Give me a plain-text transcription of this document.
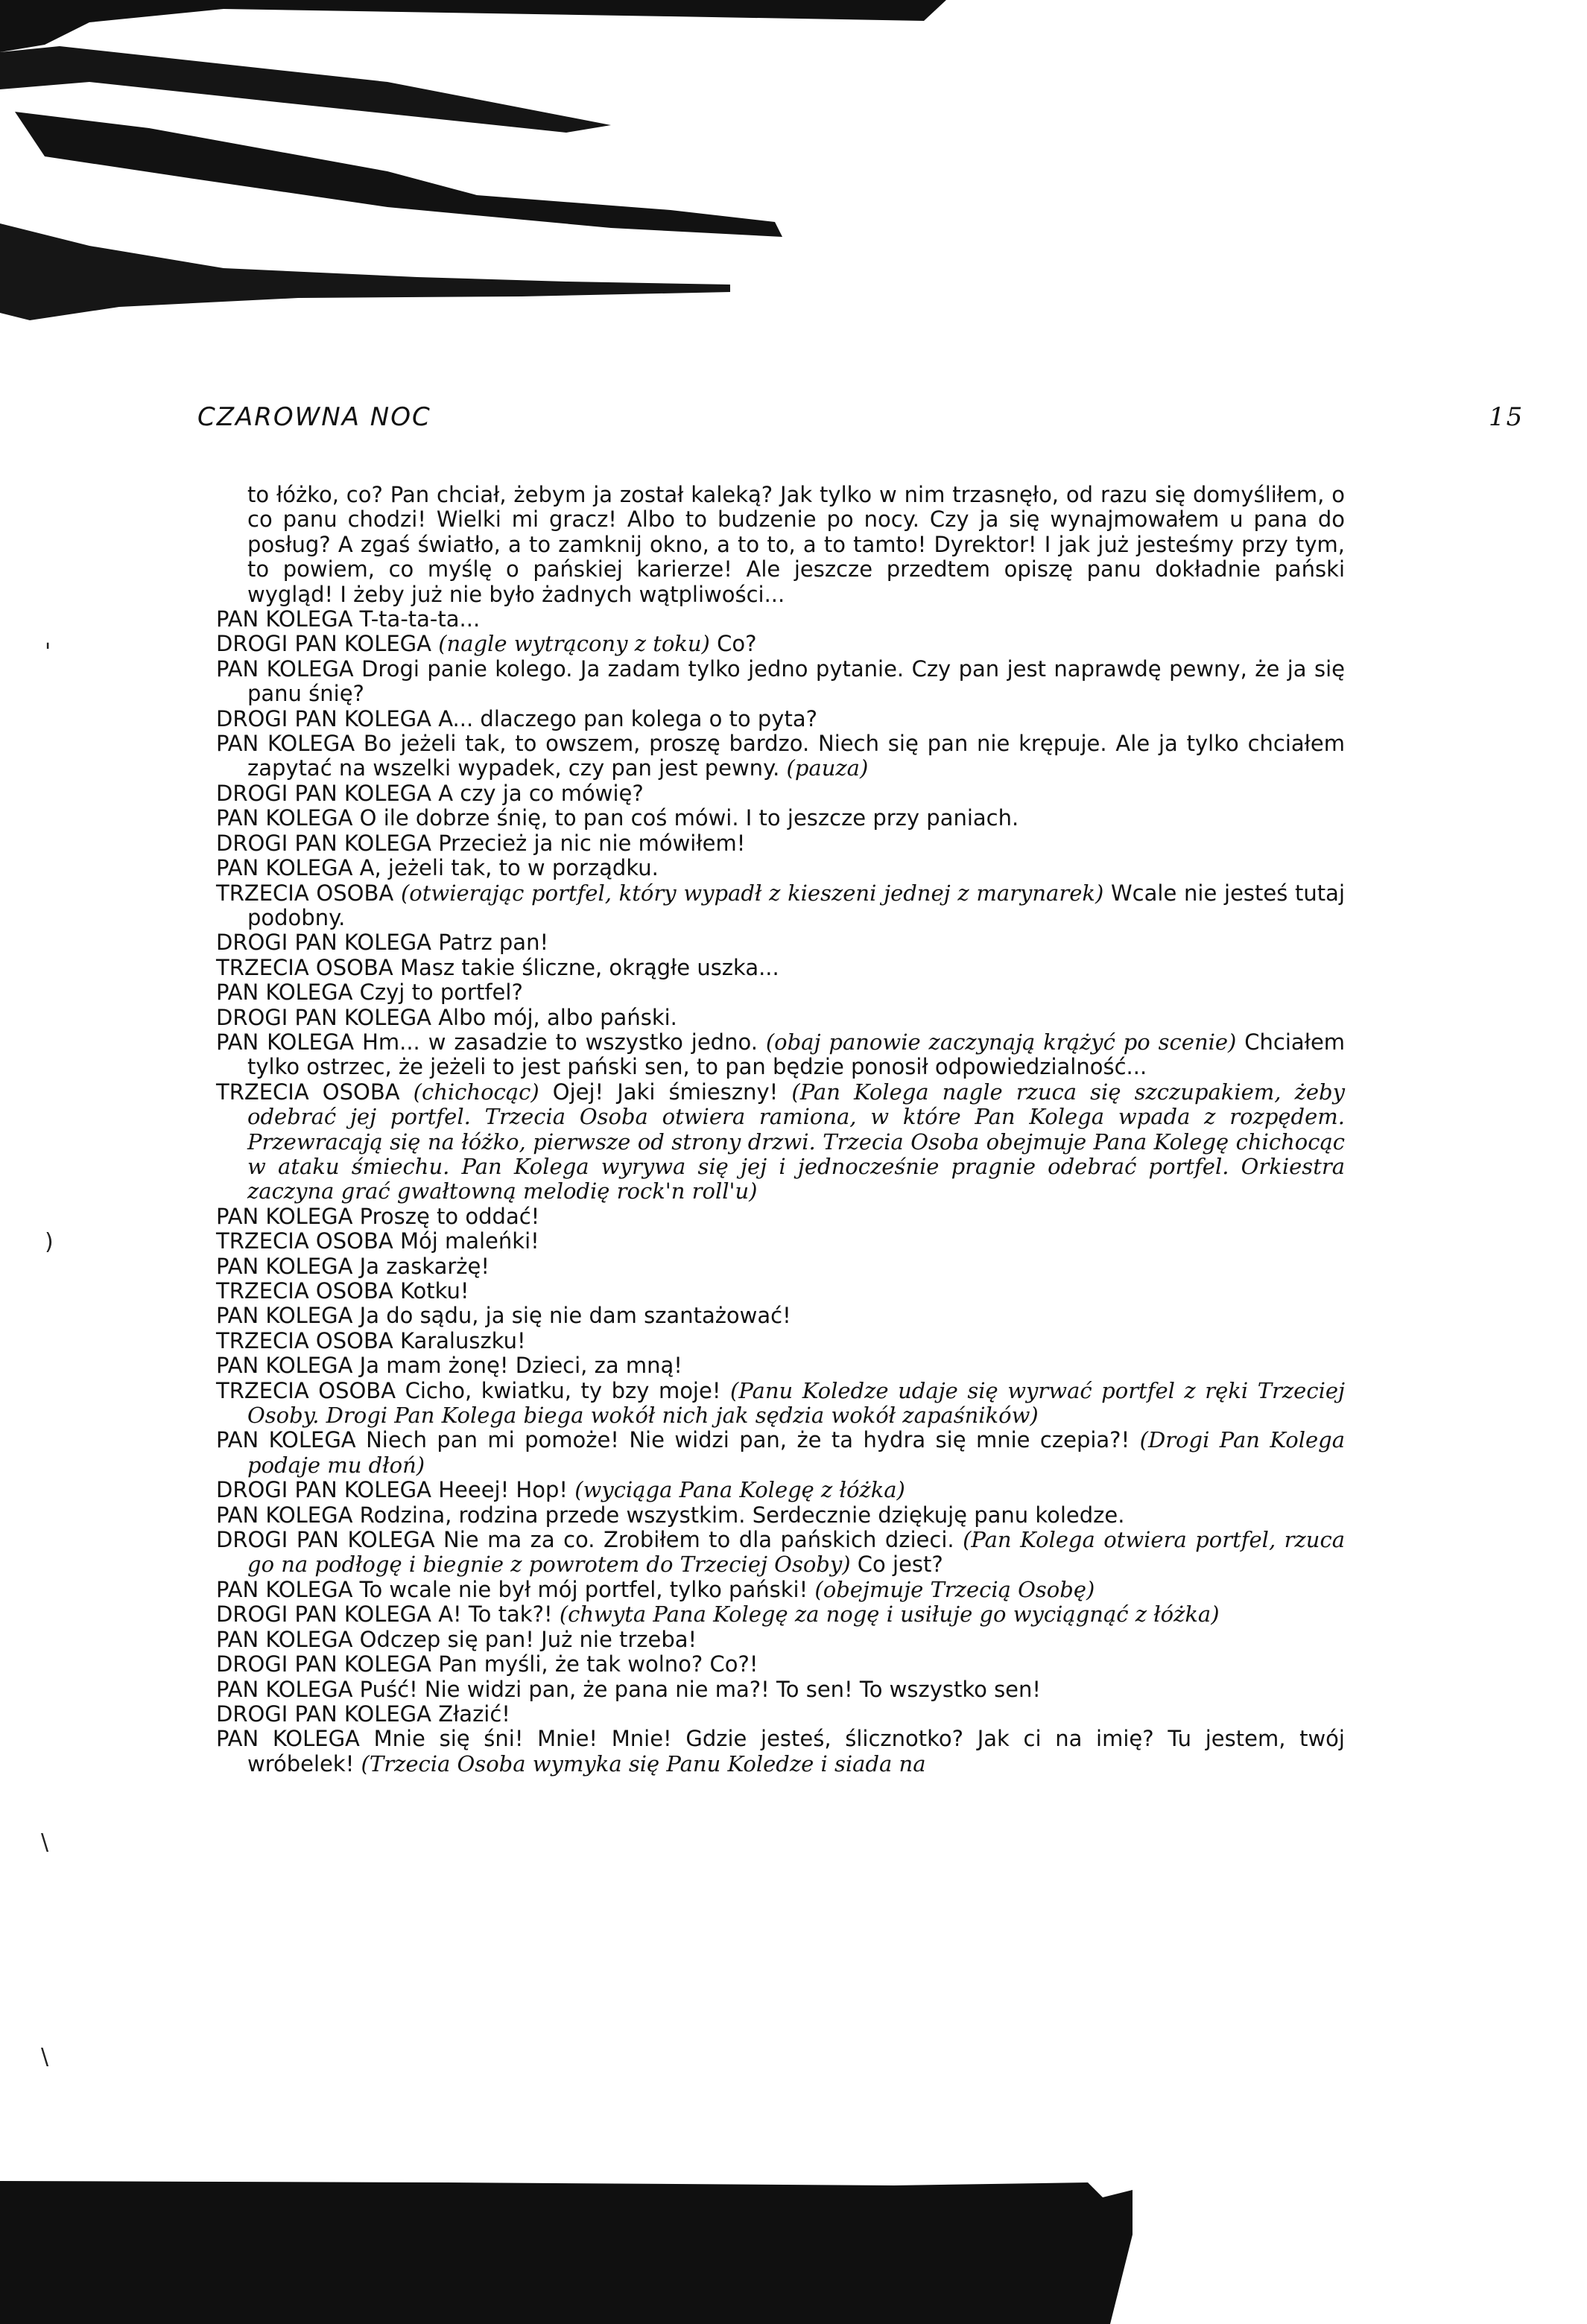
CZAROWNA NOC	15
'
)
\
\

to łóżko, co? Pan chciał, żebym ja został kaleką? Jak tylko w nim trzasnęło, od razu się domyśliłem, o co panu chodzi! Wielki mi gracz! Albo to budzenie po nocy. Czy ja się wynajmowałem u pana do posług? A zgaś światło, a to zamknij okno, a to to, a to tamto! Dyrektor! I jak już jesteśmy przy tym, to powiem, co myślę o pańskiej karierze! Ale jeszcze przedtem opiszę panu dokładnie pański wygląd! I żeby już nie było żadnych wątpliwości...

PAN KOLEGA T-ta-ta-ta...

DROGI PAN KOLEGA (nagle wytrącony z toku) Co?

PAN KOLEGA Drogi panie kolego. Ja zadam tylko jedno pytanie. Czy pan jest naprawdę pewny, że ja się panu śnię?

DROGI PAN KOLEGA A... dlaczego pan kolega o to pyta?

PAN KOLEGA Bo jeżeli tak, to owszem, proszę bardzo. Niech się pan nie krępuje. Ale ja tylko chciałem zapytać na wszelki wypadek, czy pan jest pewny. (pauza)

DROGI PAN KOLEGA A czy ja co mówię?

PAN KOLEGA O ile dobrze śnię, to pan coś mówi. I to jeszcze przy paniach.

DROGI PAN KOLEGA Przecież ja nic nie mówiłem!

PAN KOLEGA A, jeżeli tak, to w porządku.

TRZECIA OSOBA (otwierając portfel, który wypadł z kieszeni jednej z marynarek) Wcale nie jesteś tutaj podobny.

DROGI PAN KOLEGA Patrz pan!

TRZECIA OSOBA Masz takie śliczne, okrągłe uszka...

PAN KOLEGA Czyj to portfel?

DROGI PAN KOLEGA Albo mój, albo pański.

PAN KOLEGA Hm... w zasadzie to wszystko jedno. (obaj panowie zaczynają krążyć po scenie) Chciałem tylko ostrzec, że jeżeli to jest pański sen, to pan będzie ponosił odpowiedzialność...

TRZECIA OSOBA (chichocąc) Ojej! Jaki śmieszny! (Pan Kolega nagle rzuca się szczupakiem, żeby odebrać jej portfel. Trzecia Osoba otwiera ramiona, w które Pan Kolega wpada z rozpędem. Przewracają się na łóżko, pierwsze od strony drzwi. Trzecia Osoba obejmuje Pana Kolegę chichocąc w ataku śmiechu. Pan Kolega wyrywa się jej i jednocześnie pragnie odebrać portfel. Orkiestra zaczyna grać gwałtowną melodię rock'n roll'u)

PAN KOLEGA Proszę to oddać!

TRZECIA OSOBA Mój maleńki!

PAN KOLEGA Ja zaskarżę!

TRZECIA OSOBA Kotku!

PAN KOLEGA Ja do sądu, ja się nie dam szantażować!

TRZECIA OSOBA Karaluszku!

PAN KOLEGA Ja mam żonę! Dzieci, za mną!

TRZECIA OSOBA Cicho, kwiatku, ty bzy moje! (Panu Koledze udaje się wyrwać portfel z ręki Trzeciej Osoby. Drogi Pan Kolega biega wokół nich jak sędzia wokół zapaśników)

PAN KOLEGA Niech pan mi pomoże! Nie widzi pan, że ta hydra się mnie czepia?! (Drogi Pan Kolega podaje mu dłoń)

DROGI PAN KOLEGA Heeej! Hop! (wyciąga Pana Kolegę z łóżka)

PAN KOLEGA Rodzina, rodzina przede wszystkim. Serdecznie dziękuję panu koledze.

DROGI PAN KOLEGA Nie ma za co. Zrobiłem to dla pańskich dzieci. (Pan Kolega otwiera portfel, rzuca go na podłogę i biegnie z powrotem do Trzeciej Osoby) Co jest?

PAN KOLEGA To wcale nie był mój portfel, tylko pański! (obejmuje Trzecią Osobę)

DROGI PAN KOLEGA A! To tak?! (chwyta Pana Kolegę za nogę i usiłuje go wyciągnąć z łóżka)

PAN KOLEGA Odczep się pan! Już nie trzeba!

DROGI PAN KOLEGA Pan myśli, że tak wolno? Co?!

PAN KOLEGA Puść! Nie widzi pan, że pana nie ma?! To sen! To wszystko sen!

DROGI PAN KOLEGA Złazić!

PAN KOLEGA Mnie się śni! Mnie! Mnie! Gdzie jesteś, ślicznotko? Jak ci na imię? Tu jestem, twój wróbelek! (Trzecia Osoba wymyka się Panu Koledze i siada na
